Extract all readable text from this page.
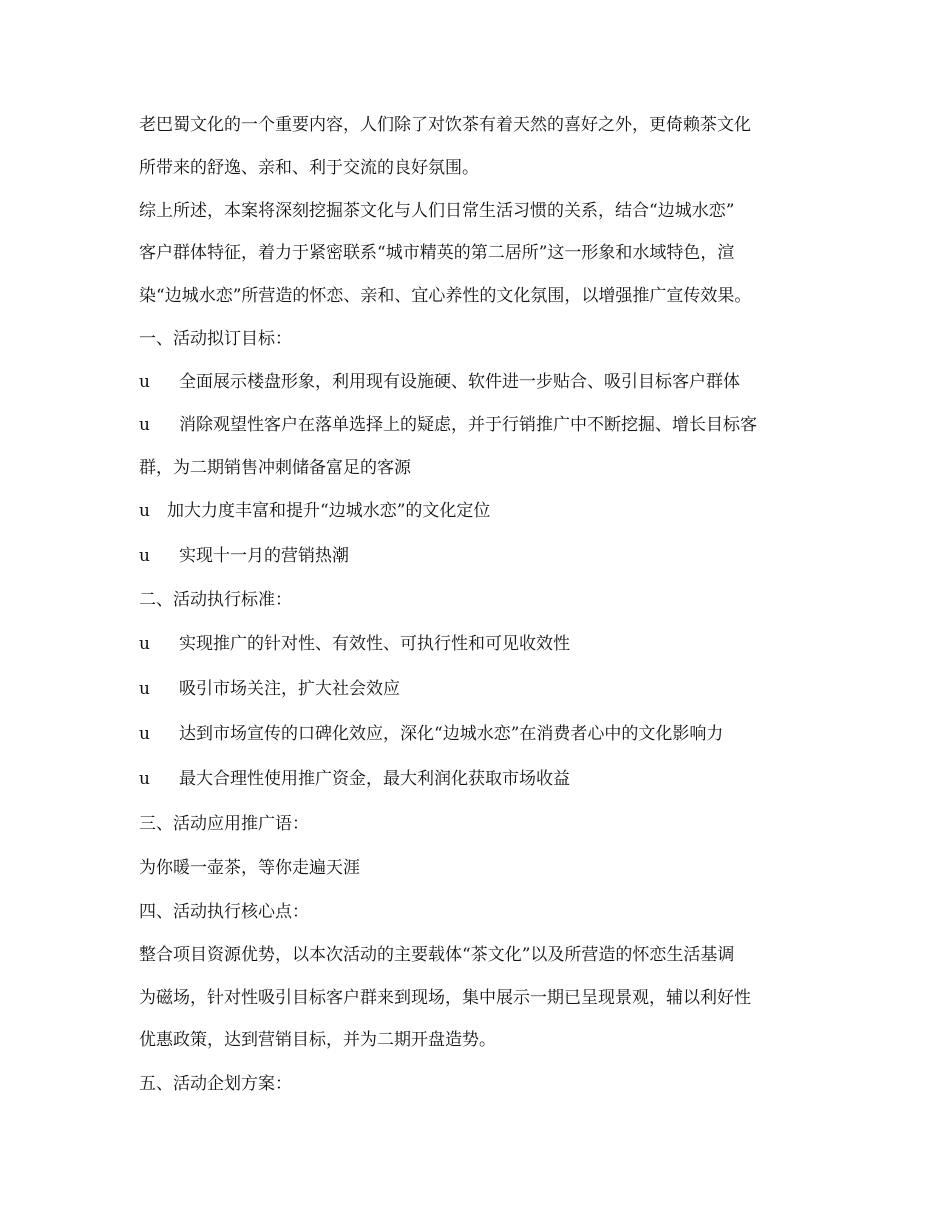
老巴蜀文化的一个重要内容，人们除了对饮茶有着天然的喜好之外，更倚赖茶文化
所带来的舒逸、亲和、利于交流的良好氛围。
综上所述，本案将深刻挖掘茶文化与人们日常生活习惯的关系，结合“边城水恋”
客户群体特征，着力于紧密联系“城市精英的第二居所”这一形象和水域特色，渲
染“边城水恋”所营造的怀恋、亲和、宜心养性的文化氛围，以增强推广宣传效果。
一、活动拟订目标：
u 全面展示楼盘形象，利用现有设施硬、软件进一步贴合、吸引目标客户群体
u 消除观望性客户在落单选择上的疑虑，并于行销推广中不断挖掘、增长目标客
群，为二期销售冲刺储备富足的客源
u 加大力度丰富和提升“边城水恋”的文化定位
u 实现十一月的营销热潮
二、活动执行标准：
u 实现推广的针对性、有效性、可执行性和可见收效性
u 吸引市场关注，扩大社会效应
u 达到市场宣传的口碑化效应，深化“边城水恋”在消费者心中的文化影响力
u 最大合理性使用推广资金，最大利润化获取市场收益
三、活动应用推广语：
为你暖一壶茶，等你走遍天涯
四、活动执行核心点：
整合项目资源优势，以本次活动的主要载体“茶文化”以及所营造的怀恋生活基调
为磁场，针对性吸引目标客户群来到现场，集中展示一期已呈现景观，辅以利好性
优惠政策，达到营销目标，并为二期开盘造势。
五、活动企划方案：
